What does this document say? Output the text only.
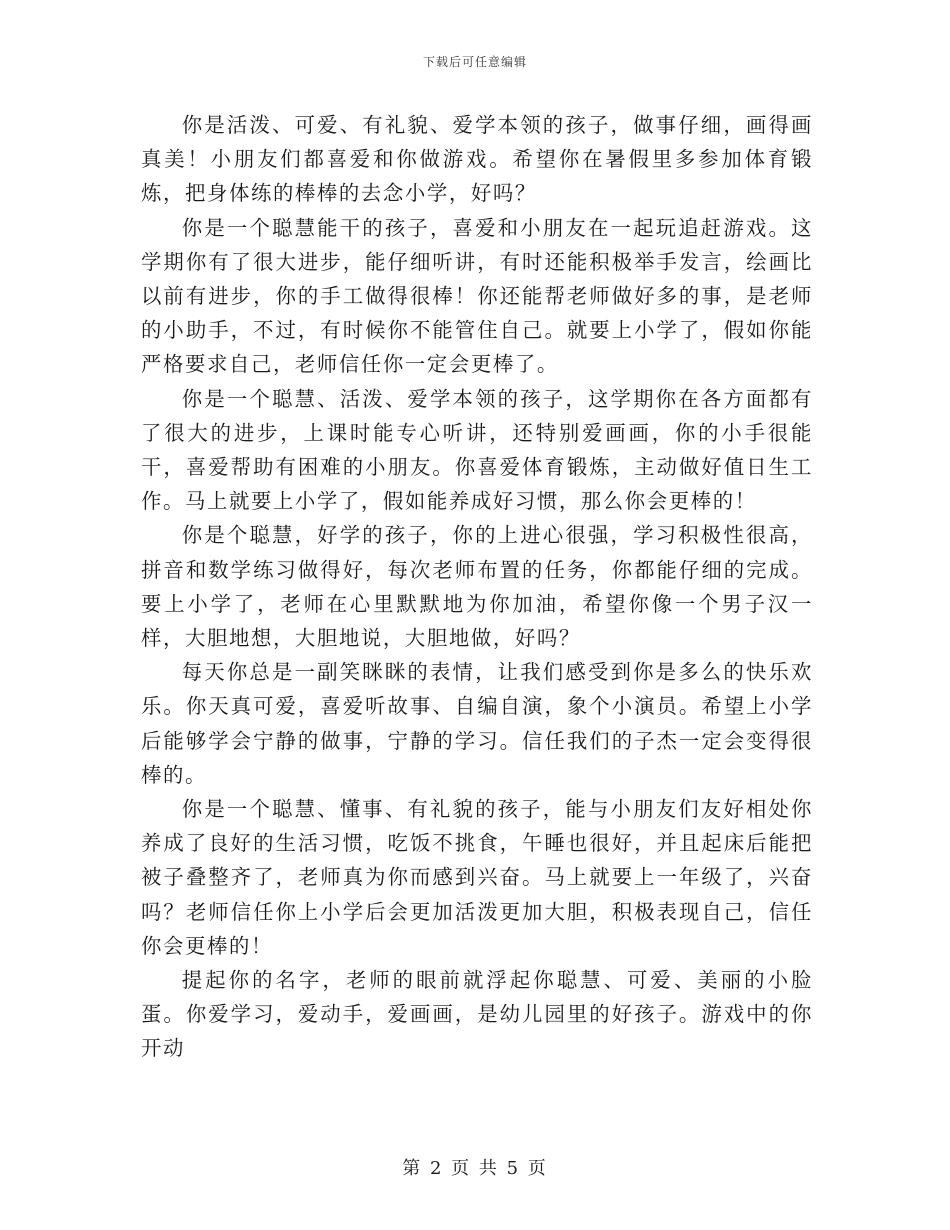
下载后可任意编辑

你是活泼、可爱、有礼貌、爱学本领的孩子，做事仔细，画得画真美！小朋友们都喜爱和你做游戏。希望你在暑假里多参加体育锻炼，把身体练的棒棒的去念小学，好吗？

你是一个聪慧能干的孩子，喜爱和小朋友在一起玩追赶游戏。这学期你有了很大进步，能仔细听讲，有时还能积极举手发言，绘画比以前有进步，你的手工做得很棒！你还能帮老师做好多的事，是老师的小助手，不过，有时候你不能管住自己。就要上小学了，假如你能严格要求自己，老师信任你一定会更棒了。

你是一个聪慧、活泼、爱学本领的孩子，这学期你在各方面都有了很大的进步，上课时能专心听讲，还特别爱画画，你的小手很能干，喜爱帮助有困难的小朋友。你喜爱体育锻炼，主动做好值日生工作。马上就要上小学了，假如能养成好习惯，那么你会更棒的！

你是个聪慧，好学的孩子，你的上进心很强，学习积极性很高，拼音和数学练习做得好，每次老师布置的任务，你都能仔细的完成。要上小学了，老师在心里默默地为你加油，希望你像一个男子汉一样，大胆地想，大胆地说，大胆地做，好吗？

每天你总是一副笑眯眯的表情，让我们感受到你是多么的快乐欢乐。你天真可爱，喜爱听故事、自编自演，象个小演员。希望上小学后能够学会宁静的做事，宁静的学习。信任我们的子杰一定会变得很棒的。

你是一个聪慧、懂事、有礼貌的孩子，能与小朋友们友好相处你养成了良好的生活习惯，吃饭不挑食，午睡也很好，并且起床后能把被子叠整齐了，老师真为你而感到兴奋。马上就要上一年级了，兴奋吗？老师信任你上小学后会更加活泼更加大胆，积极表现自己，信任你会更棒的！

提起你的名字，老师的眼前就浮起你聪慧、可爱、美丽的小脸蛋。你爱学习，爱动手，爱画画，是幼儿园里的好孩子。游戏中的你开动

第 2 页 共 5 页
